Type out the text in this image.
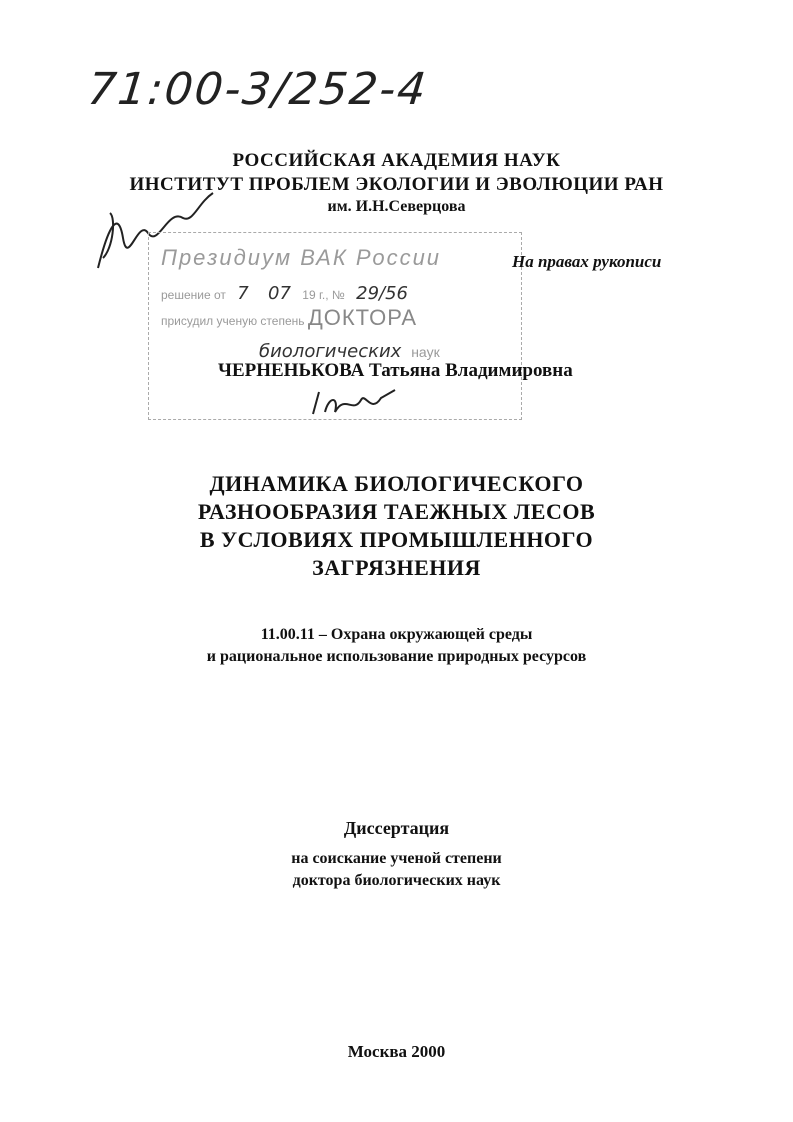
71:00-3/252-4
РОССИЙСКАЯ АКАДЕМИЯ НАУК
ИНСТИТУТ ПРОБЛЕМ ЭКОЛОГИИ И ЭВОЛЮЦИИ РАН
им. И.Н.Северцова
Президиум ВАК России
решение от 7 07 19 г., № 29/56
присудил ученую степень ДОКТОРА
биологических наук
На правах рукописи
ЧЕРНЕНЬКОВА Татьяна Владимировна
ДИНАМИКА БИОЛОГИЧЕСКОГО
РАЗНООБРАЗИЯ ТАЕЖНЫХ ЛЕСОВ
В УСЛОВИЯХ ПРОМЫШЛЕННОГО
ЗАГРЯЗНЕНИЯ
11.00.11 – Охрана окружающей среды
и рациональное использование природных ресурсов
Диссертация
на соискание ученой степени
доктора биологических наук
Москва 2000
